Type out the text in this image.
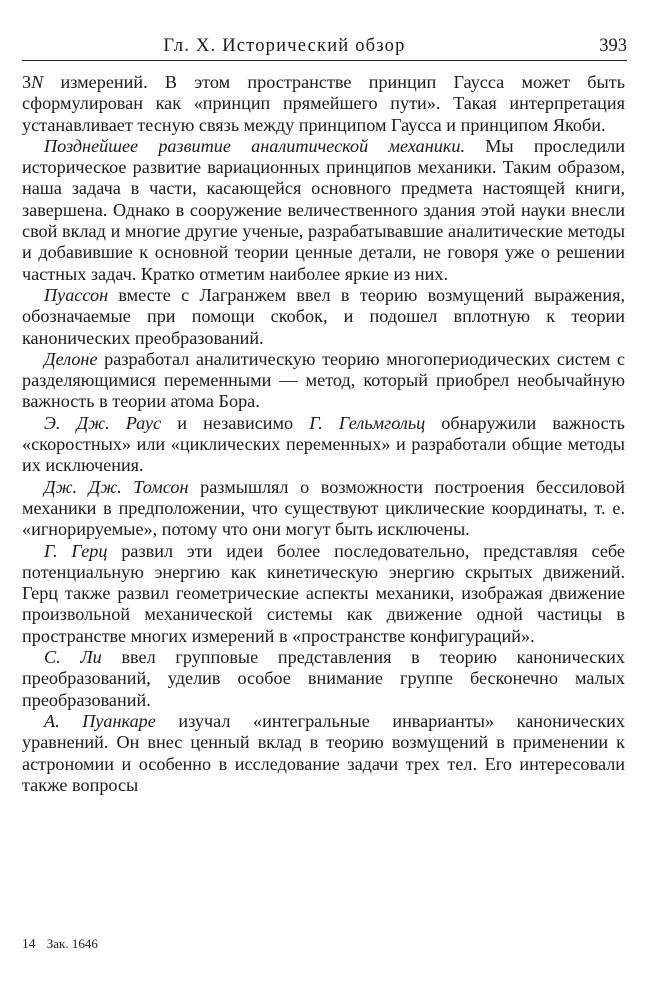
Гл. X. Исторический обзор	393

3N измерений. В этом пространстве принцип Гаусса может быть сформулирован как «принцип прямейшего пути». Такая интерпретация устанавливает тесную связь между принципом Гаусса и принципом Якоби.

Позднейшее развитие аналитической механики. Мы проследили историческое развитие вариационных принципов механики. Таким образом, наша задача в части, касающейся основного предмета настоящей книги, завершена. Однако в сооружение величественного здания этой науки внесли свой вклад и многие другие ученые, разрабатывавшие аналитические методы и добавившие к основной теории ценные детали, не говоря уже о решении частных задач. Кратко отметим наиболее яркие из них.

Пуассон вместе с Лагранжем ввел в теорию возмущений выражения, обозначаемые при помощи скобок, и подошел вплотную к теории канонических преобразований.

Делоне разработал аналитическую теорию многопериодических систем с разделяющимися переменными — метод, который приобрел необычайную важность в теории атома Бора.

Э. Дж. Раус и независимо Г. Гельмгольц обнаружили важность «скоростных» или «циклических переменных» и разработали общие методы их исключения.

Дж. Дж. Томсон размышлял о возможности построения бессиловой механики в предположении, что существуют циклические координаты, т. е. «игнорируемые», потому что они могут быть исключены.

Г. Герц развил эти идеи более последовательно, представляя себе потенциальную энергию как кинетическую энергию скрытых движений. Герц также развил геометрические аспекты механики, изображая движение произвольной механической системы как движение одной частицы в пространстве многих измерений в «пространстве конфигураций».

С. Ли ввел групповые представления в теорию канонических преобразований, уделив особое внимание группе бесконечно малых преобразований.

А. Пуанкаре изучал «интегральные инварианты» канонических уравнений. Он внес ценный вклад в теорию возмущений в применении к астрономии и особенно в исследование задачи трех тел. Его интересовали также вопросы

14 Зак. 1646
